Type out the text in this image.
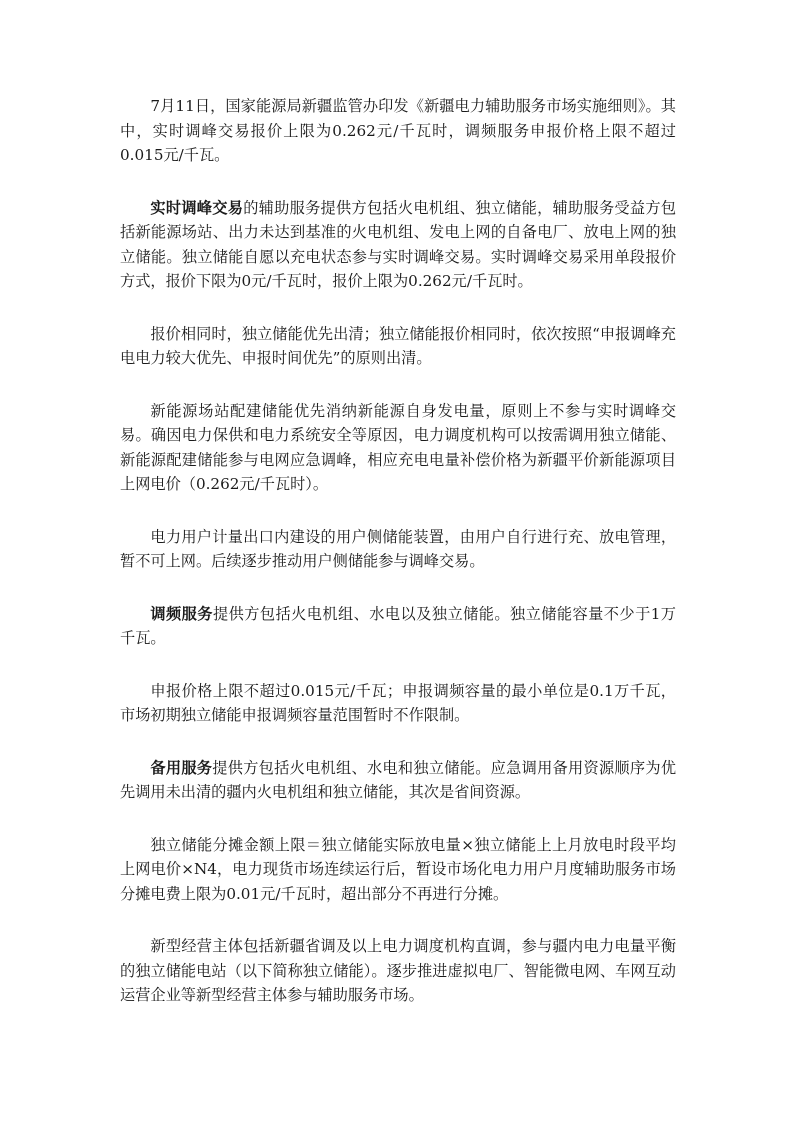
7月11日，国家能源局新疆监管办印发《新疆电力辅助服务市场实施细则》。其中，实时调峰交易报价上限为0.262元/千瓦时，调频服务申报价格上限不超过0.015元/千瓦。

实时调峰交易的辅助服务提供方包括火电机组、独立储能，辅助服务受益方包括新能源场站、出力未达到基准的火电机组、发电上网的自备电厂、放电上网的独立储能。独立储能自愿以充电状态参与实时调峰交易。实时调峰交易采用单段报价方式，报价下限为0元/千瓦时，报价上限为0.262元/千瓦时。

报价相同时，独立储能优先出清；独立储能报价相同时，依次按照“申报调峰充电电力较大优先、申报时间优先”的原则出清。

新能源场站配建储能优先消纳新能源自身发电量，原则上不参与实时调峰交易。确因电力保供和电力系统安全等原因，电力调度机构可以按需调用独立储能、新能源配建储能参与电网应急调峰，相应充电电量补偿价格为新疆平价新能源项目上网电价（0.262元/千瓦时）。

电力用户计量出口内建设的用户侧储能装置，由用户自行进行充、放电管理，暂不可上网。后续逐步推动用户侧储能参与调峰交易。

调频服务提供方包括火电机组、水电以及独立储能。独立储能容量不少于1万千瓦。

申报价格上限不超过0.015元/千瓦；申报调频容量的最小单位是0.1万千瓦，市场初期独立储能申报调频容量范围暂时不作限制。

备用服务提供方包括火电机组、水电和独立储能。应急调用备用资源顺序为优先调用未出清的疆内火电机组和独立储能，其次是省间资源。

独立储能分摊金额上限＝独立储能实际放电量×独立储能上上月放电时段平均上网电价×N4，电力现货市场连续运行后，暂设市场化电力用户月度辅助服务市场分摊电费上限为0.01元/千瓦时，超出部分不再进行分摊。

新型经营主体包括新疆省调及以上电力调度机构直调，参与疆内电力电量平衡的独立储能电站（以下简称独立储能）。逐步推进虚拟电厂、智能微电网、车网互动运营企业等新型经营主体参与辅助服务市场。
